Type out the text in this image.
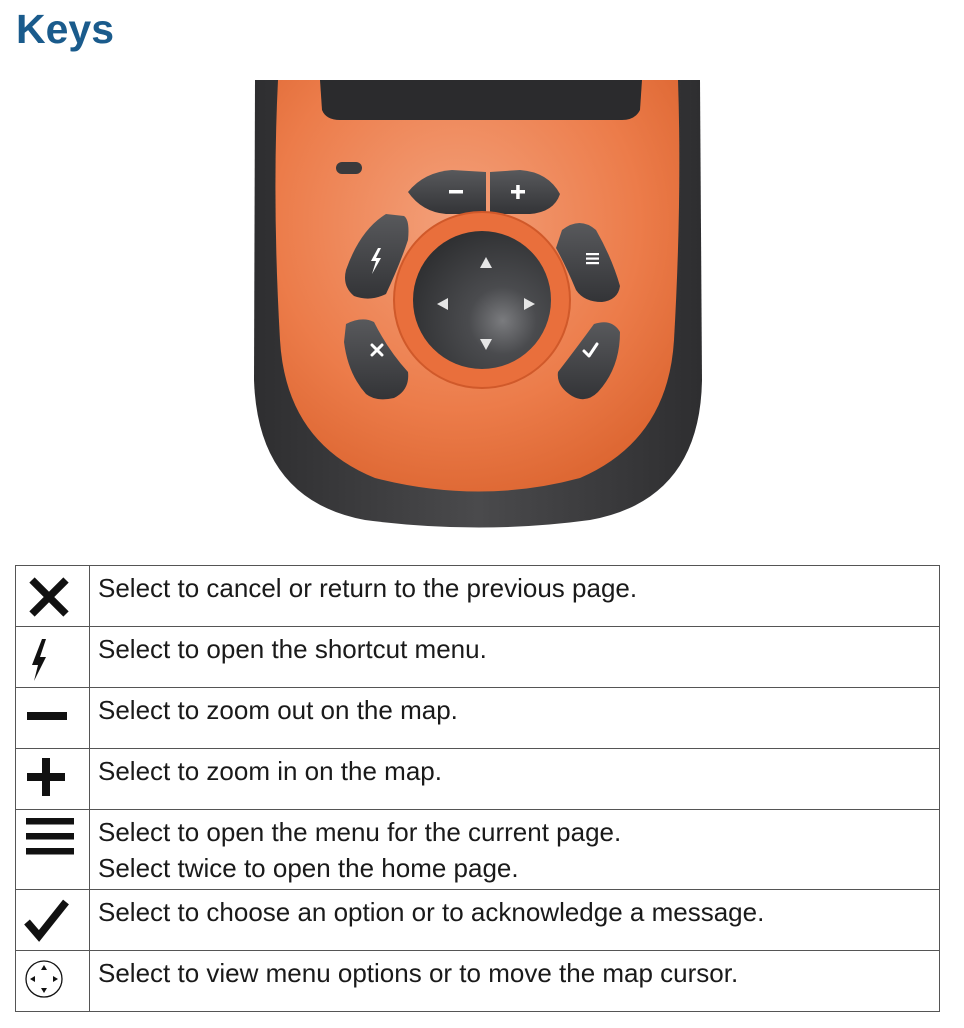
Keys

Select to cancel or return to the previous page.

Select to open the shortcut menu.

Select to zoom out on the map.

Select to zoom in on the map.

Select to open the menu for the current page.
Select twice to open the home page.

Select to choose an option or to acknowledge a message.

Select to view menu options or to move the map cursor.
